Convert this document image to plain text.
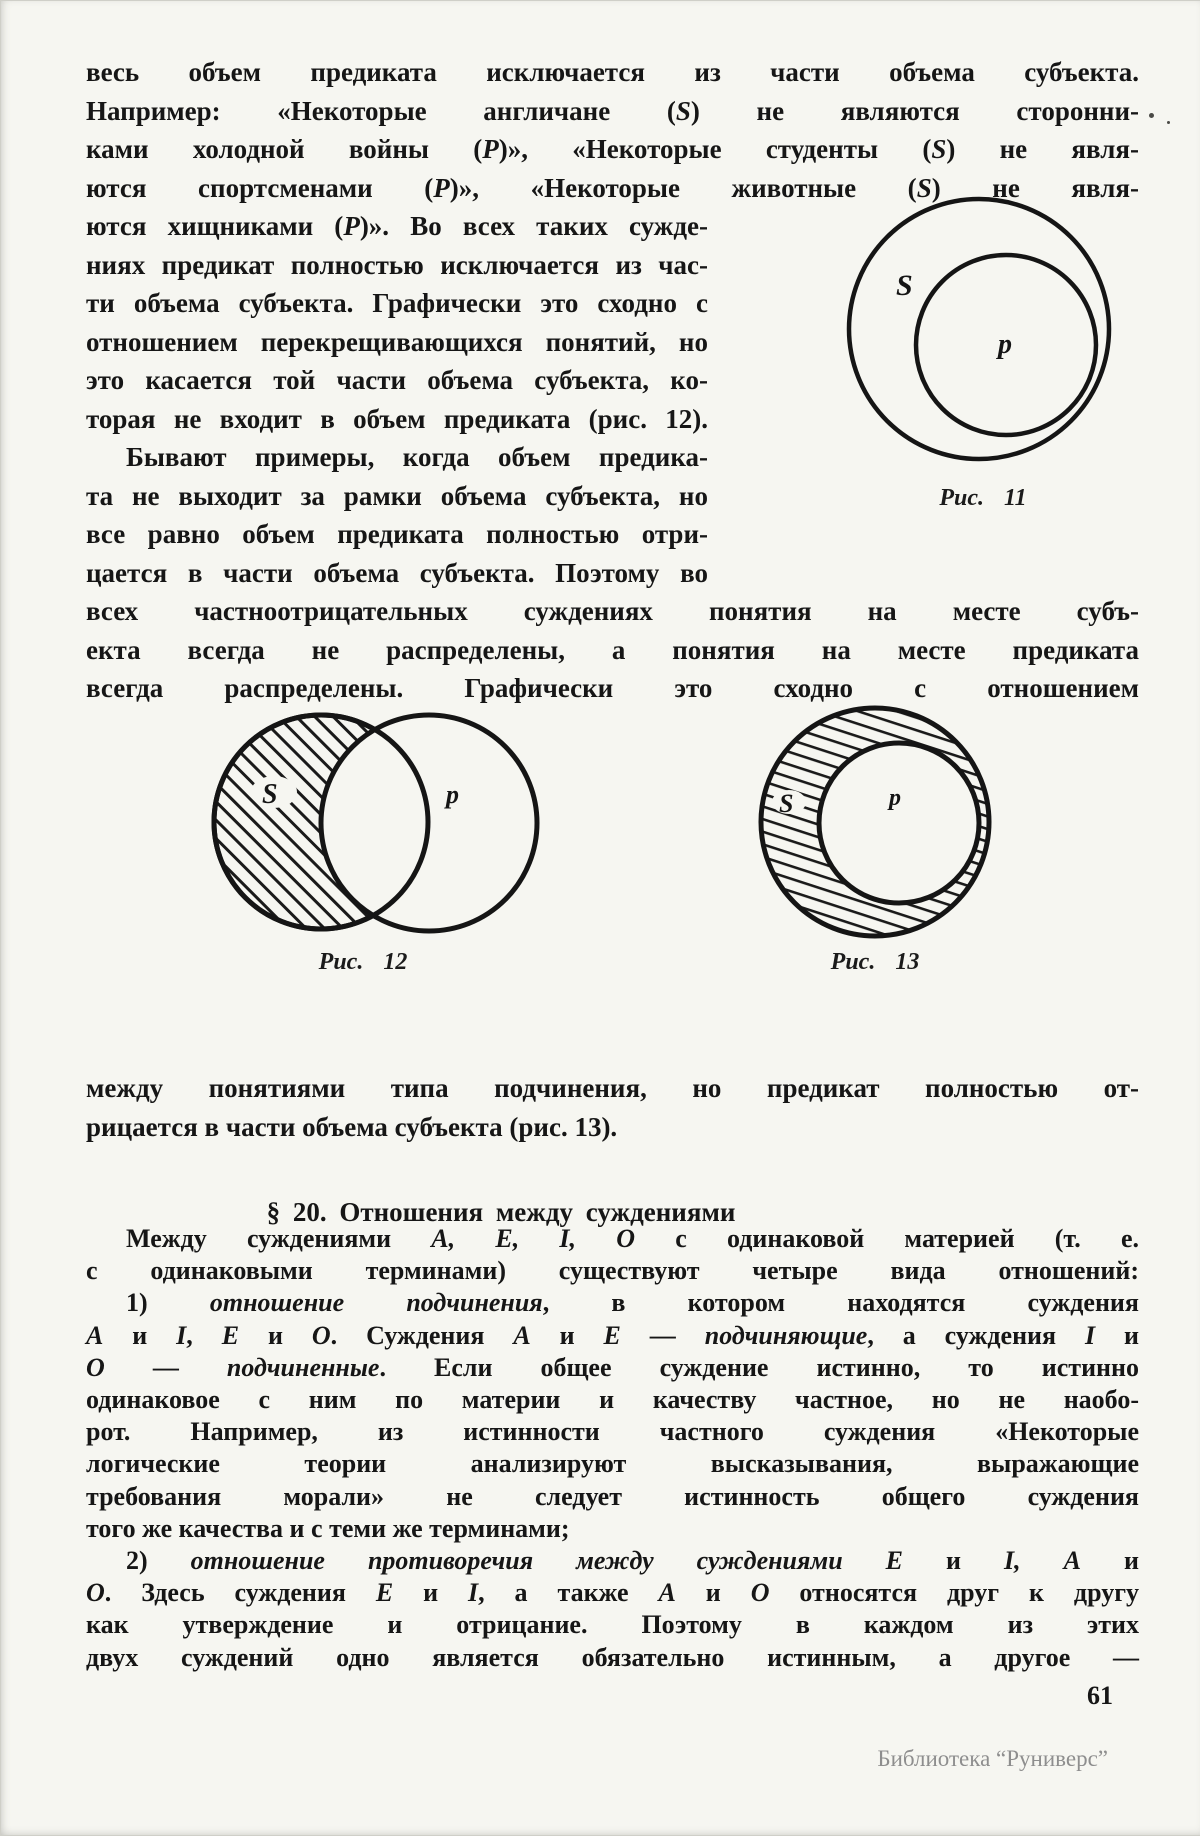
весь объем предиката исключается из части объема субъекта.
Например: «Некоторые англичане (S) не являются сторонни-
ками холодной войны (P)», «Некоторые студенты (S) не явля-
ются спортсменами (P)», «Некоторые животные (S) не явля-
ются хищниками (P)». Во всех таких сужде-
ниях предикат полностью исключается из час-
ти объема субъекта. Графически это сходно с
отношением перекрещивающихся понятий, но
это касается той части объема субъекта, ко-
торая не входит в объем предиката (рис. 12).
Бывают примеры, когда объем предика-
та не выходит за рамки объема субъекта, но
все равно объем предиката полностью отри-
цается в части объема субъекта. Поэтому во
S
p
Рис. 11
всех частноотрицательных суждениях понятия на месте субъ-
екта всегда не распределены, а понятия на месте предиката
всегда распределены. Графически это сходно с отношением
S	p
Рис. 12
S	p
Рис. 13
между понятиями типа подчинения, но предикат полностью от-
рицается в части объема субъекта (рис. 13).
§ 20. Отношения между суждениями
Между суждениями А, Е, I, О с одинаковой материей (т. е.
с одинаковыми терминами) существуют четыре вида отношений:
1) отношение подчинения, в котором находятся суждения
А и I, Е и О. Суждения А и Е — подчиняющие, а суждения I и
О — подчиненные. Если общее суждение истинно, то истинно
одинаковое с ним по материи и качеству частное, но не наобо-
рот. Например, из истинности частного суждения «Некоторые
логические теории анализируют высказывания, выражающие
требования морали» не следует истинность общего суждения
того же качества и с теми же терминами;
2) отношение противоречия между суждениями Е и I, А и
О. Здесь суждения Е и I, а также А и О относятся друг к другу
как утверждение и отрицание. Поэтому в каждом из этих
двух суждений одно является обязательно истинным, а другое —
61
Библиотека “Руниверс”
